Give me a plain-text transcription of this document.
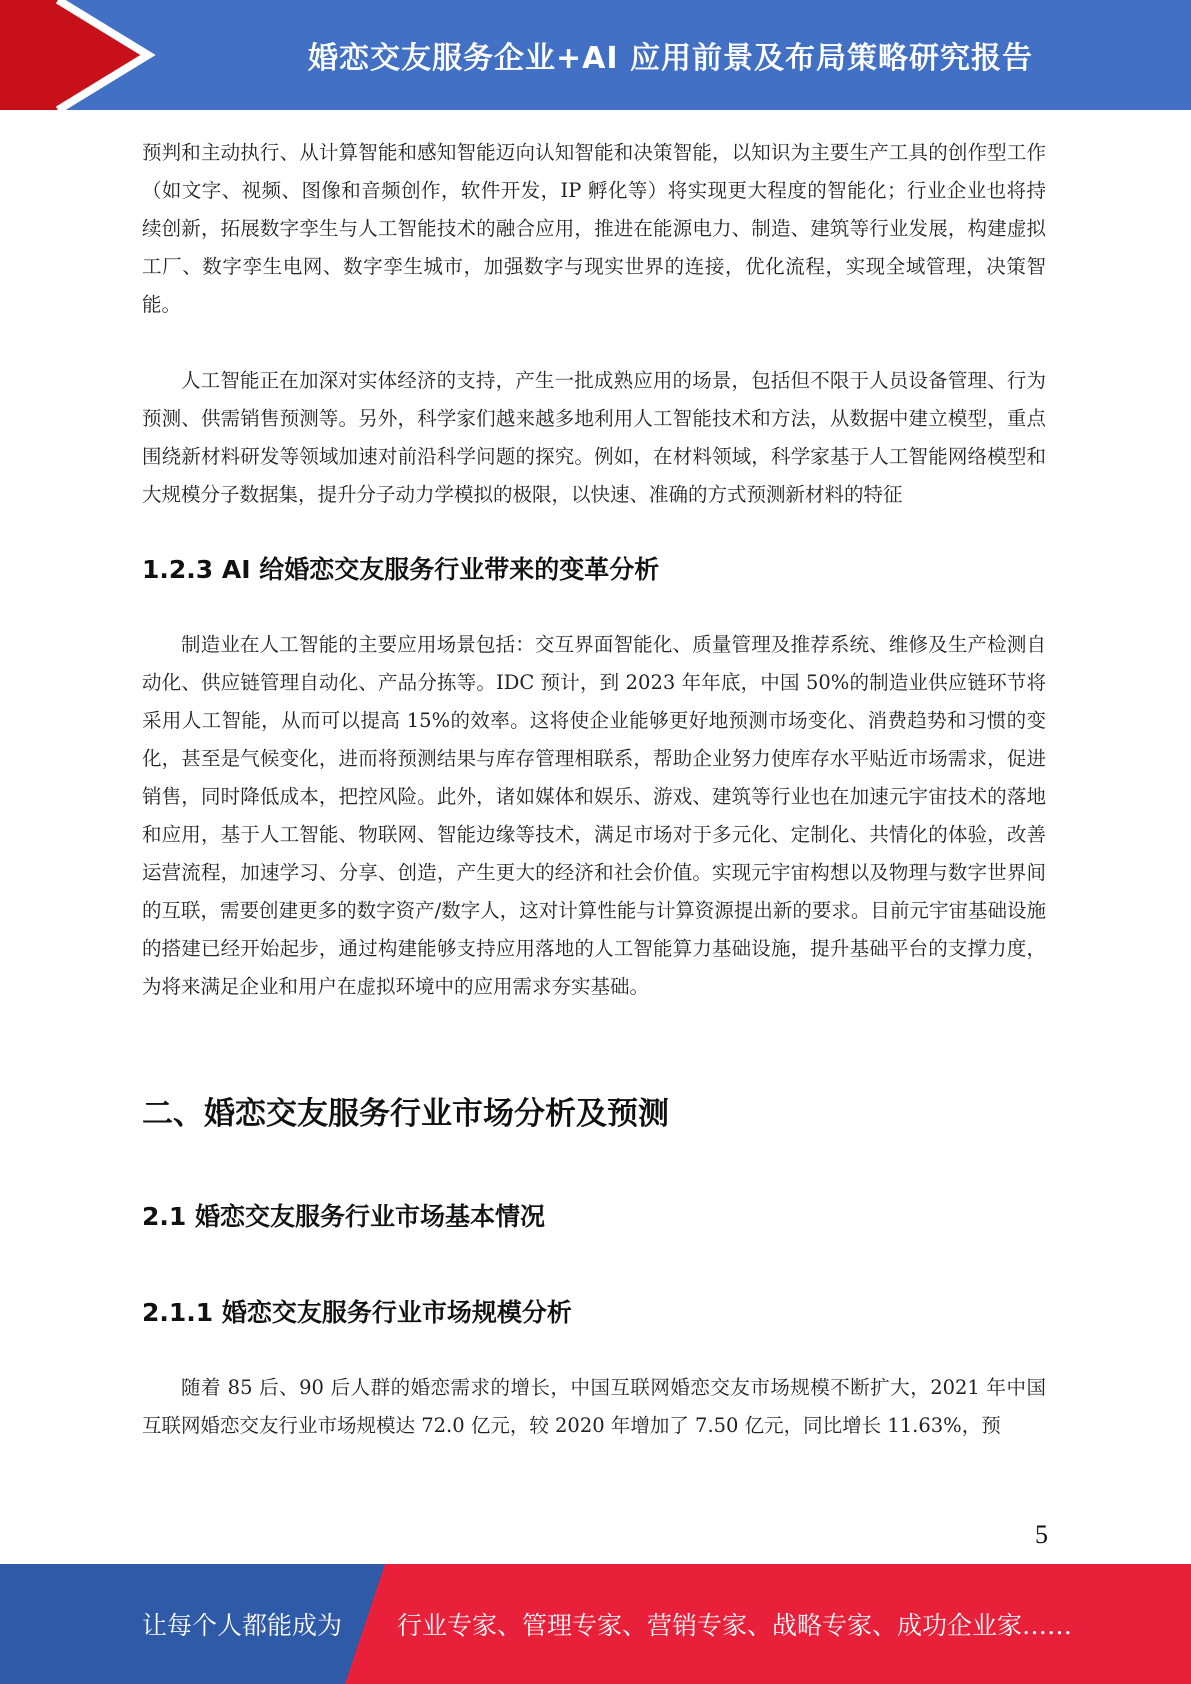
婚恋交友服务企业+AI 应用前景及布局策略研究报告

预判和主动执行、从计算智能和感知智能迈向认知智能和决策智能，以知识为主要生产工具的创作型工作（如文字、视频、图像和音频创作，软件开发，IP 孵化等）将实现更大程度的智能化；行业企业也将持续创新，拓展数字孪生与人工智能技术的融合应用，推进在能源电力、制造、建筑等行业发展，构建虚拟工厂、数字孪生电网、数字孪生城市，加强数字与现实世界的连接，优化流程，实现全域管理，决策智能。

人工智能正在加深对实体经济的支持，产生一批成熟应用的场景，包括但不限于人员设备管理、行为预测、供需销售预测等。另外，科学家们越来越多地利用人工智能技术和方法，从数据中建立模型，重点围绕新材料研发等领域加速对前沿科学问题的探究。例如，在材料领域，科学家基于人工智能网络模型和大规模分子数据集，提升分子动力学模拟的极限，以快速、准确的方式预测新材料的特征

1.2.3 AI 给婚恋交友服务行业带来的变革分析

制造业在人工智能的主要应用场景包括：交互界面智能化、质量管理及推荐系统、维修及生产检测自动化、供应链管理自动化、产品分拣等。IDC 预计，到 2023 年年底，中国 50%的制造业供应链环节将采用人工智能，从而可以提高 15%的效率。这将使企业能够更好地预测市场变化、消费趋势和习惯的变化，甚至是气候变化，进而将预测结果与库存管理相联系，帮助企业努力使库存水平贴近市场需求，促进销售，同时降低成本，把控风险。此外，诸如媒体和娱乐、游戏、建筑等行业也在加速元宇宙技术的落地和应用，基于人工智能、物联网、智能边缘等技术，满足市场对于多元化、定制化、共情化的体验，改善运营流程，加速学习、分享、创造，产生更大的经济和社会价值。实现元宇宙构想以及物理与数字世界间的互联，需要创建更多的数字资产/数字人，这对计算性能与计算资源提出新的要求。目前元宇宙基础设施的搭建已经开始起步，通过构建能够支持应用落地的人工智能算力基础设施，提升基础平台的支撑力度，为将来满足企业和用户在虚拟环境中的应用需求夯实基础。

二、婚恋交友服务行业市场分析及预测
2.1 婚恋交友服务行业市场基本情况
2.1.1 婚恋交友服务行业市场规模分析

随着 85 后、90 后人群的婚恋需求的增长，中国互联网婚恋交友市场规模不断扩大，2021 年中国互联网婚恋交友行业市场规模达 72.0 亿元，较 2020 年增加了 7.50 亿元，同比增长 11.63%，预

5
让每个人都能成为 行业专家、管理专家、营销专家、战略专家、成功企业家……
